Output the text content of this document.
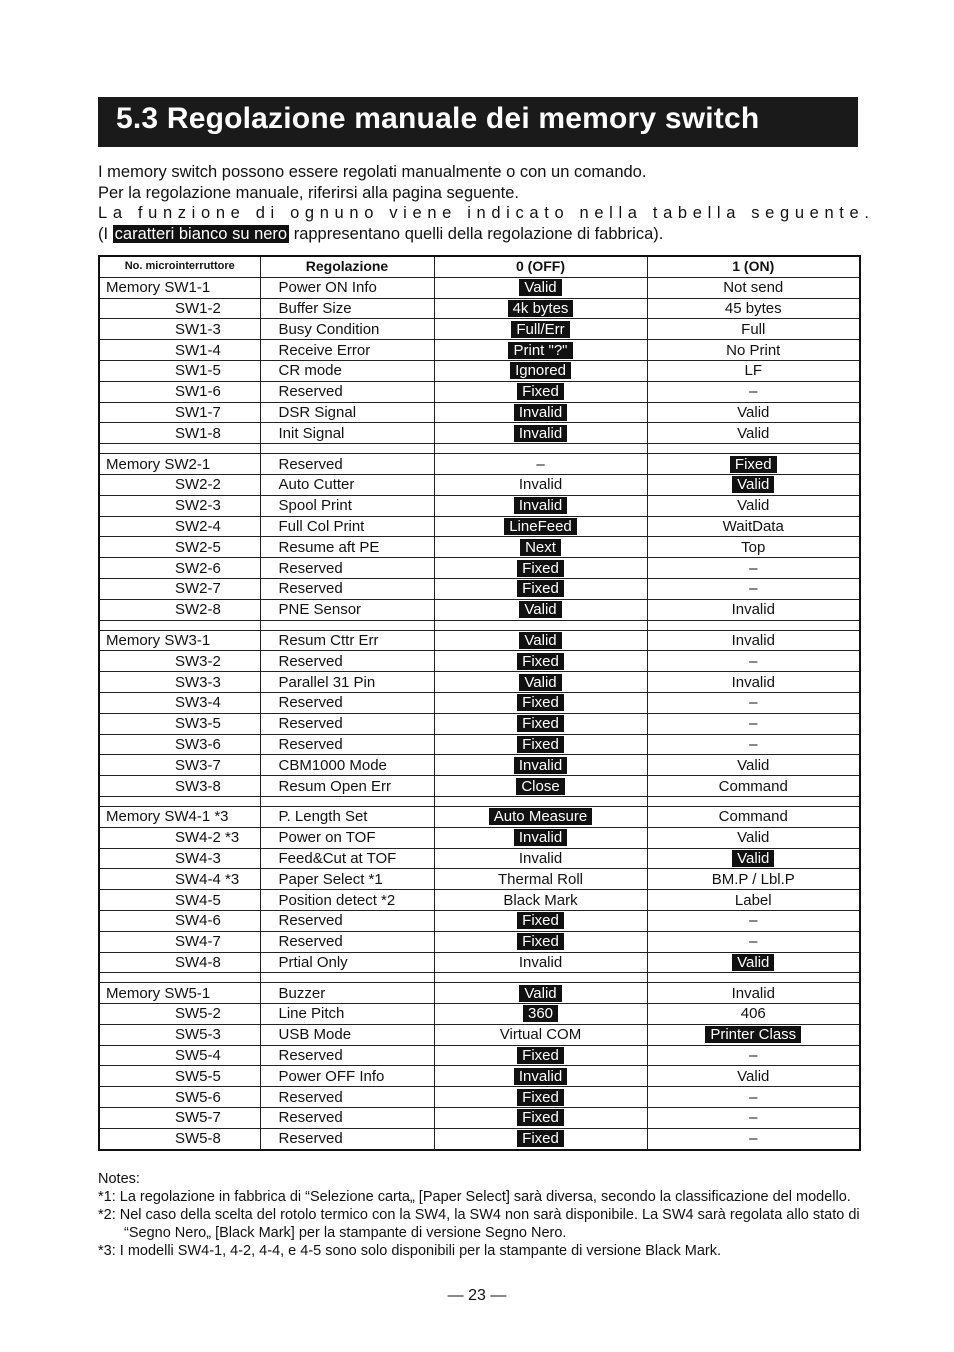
5.3 Regolazione manuale dei memory switch

I memory switch possono essere regolati manualmente o con un comando.

Per la regolazione manuale, riferirsi alla pagina seguente.

La funzione di ognuno viene indicato nella tabella seguente.

(I caratteri bianco su nero rappresentano quelli della regolazione di fabbrica).

No. microinterruttore	Regolazione	0 (OFF)	1 (ON)
Memory SW1-1	Power ON Info	Valid	Not send
SW1-2	Buffer Size	4k bytes	45 bytes
SW1-3	Busy Condition	Full/Err	Full
SW1-4	Receive Error	Print "?"	No Print
SW1-5	CR mode	Ignored	LF
SW1-6	Reserved	Fixed	–
SW1-7	DSR Signal	Invalid	Valid
SW1-8	Init Signal	Invalid	Valid

Memory SW2-1	Reserved	–	Fixed
SW2-2	Auto Cutter	Invalid	Valid
SW2-3	Spool Print	Invalid	Valid
SW2-4	Full Col Print	LineFeed	WaitData
SW2-5	Resume aft PE	Next	Top
SW2-6	Reserved	Fixed	–
SW2-7	Reserved	Fixed	–
SW2-8	PNE Sensor	Valid	Invalid

Memory SW3-1	Resum Cttr Err	Valid	Invalid
SW3-2	Reserved	Fixed	–
SW3-3	Parallel 31 Pin	Valid	Invalid
SW3-4	Reserved	Fixed	–
SW3-5	Reserved	Fixed	–
SW3-6	Reserved	Fixed	–
SW3-7	CBM1000 Mode	Invalid	Valid
SW3-8	Resum Open Err	Close	Command

Memory SW4-1 *3	P. Length Set	Auto Measure	Command
SW4-2 *3	Power on TOF	Invalid	Valid
SW4-3	Feed&Cut at TOF	Invalid	Valid
SW4-4 *3	Paper Select *1	Thermal Roll	BM.P / Lbl.P
SW4-5	Position detect *2	Black Mark	Label
SW4-6	Reserved	Fixed	–
SW4-7	Reserved	Fixed	–
SW4-8	Prtial Only	Invalid	Valid

Memory SW5-1	Buzzer	Valid	Invalid
SW5-2	Line Pitch	360	406
SW5-3	USB Mode	Virtual COM	Printer Class
SW5-4	Reserved	Fixed	–
SW5-5	Power OFF Info	Invalid	Valid
SW5-6	Reserved	Fixed	–
SW5-7	Reserved	Fixed	–
SW5-8	Reserved	Fixed	–
Notes:
*1: La regolazione in fabbrica di “Selezione carta„ [Paper Select] sarà diversa, secondo la classificazione del modello.
*2: Nel caso della scelta del rotolo termico con la SW4, la SW4 non sarà disponibile. La SW4 sarà regolata allo stato di “Segno Nero„ [Black Mark] per la stampante di versione Segno Nero.
*3: I modelli SW4-1, 4-2, 4-4, e 4-5 sono solo disponibili per la stampante di versione Black Mark.
— 23 —
